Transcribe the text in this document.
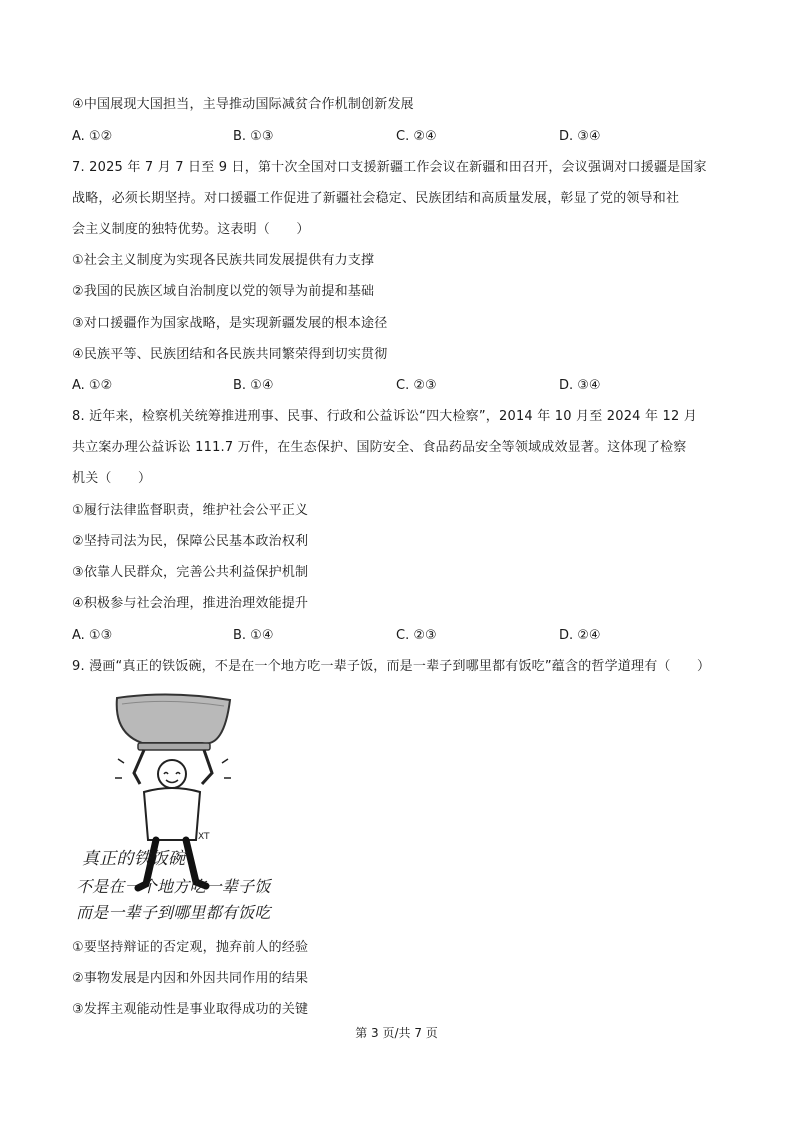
④中国展现大国担当，主导推动国际减贫合作机制创新发展
A. ①②	B. ①③	C. ②④	D. ③④
7. 2025 年 7 月 7 日至 9 日，第十次全国对口支援新疆工作会议在新疆和田召开，会议强调对口援疆是国家
战略，必须长期坚持。对口援疆工作促进了新疆社会稳定、民族团结和高质量发展，彰显了党的领导和社
会主义制度的独特优势。这表明（　　）
①社会主义制度为实现各民族共同发展提供有力支撑
②我国的民族区域自治制度以党的领导为前提和基础
③对口援疆作为国家战略，是实现新疆发展的根本途径
④民族平等、民族团结和各民族共同繁荣得到切实贯彻
A. ①②	B. ①④	C. ②③	D. ③④
8. 近年来，检察机关统筹推进刑事、民事、行政和公益诉讼“四大检察”，2014 年 10 月至 2024 年 12 月
共立案办理公益诉讼 111.7 万件，在生态保护、国防安全、食品药品安全等领域成效显著。这体现了检察
机关（　　）
①履行法律监督职责，维护社会公平正义
②坚持司法为民，保障公民基本政治权利
③依靠人民群众，完善公共利益保护机制
④积极参与社会治理，推进治理效能提升
A. ①③	B. ①④	C. ②③	D. ②④
9. 漫画“真正的铁饭碗，不是在一个地方吃一辈子饭，而是一辈子到哪里都有饭吃”蕴含的哲学道理有（　　）
XT
真正的铁饭碗
不是在一个地方吃一辈子饭
而是一辈子到哪里都有饭吃
①要坚持辩证的否定观，抛弃前人的经验
②事物发展是内因和外因共同作用的结果
③发挥主观能动性是事业取得成功的关键
第 3 页/共 7 页
